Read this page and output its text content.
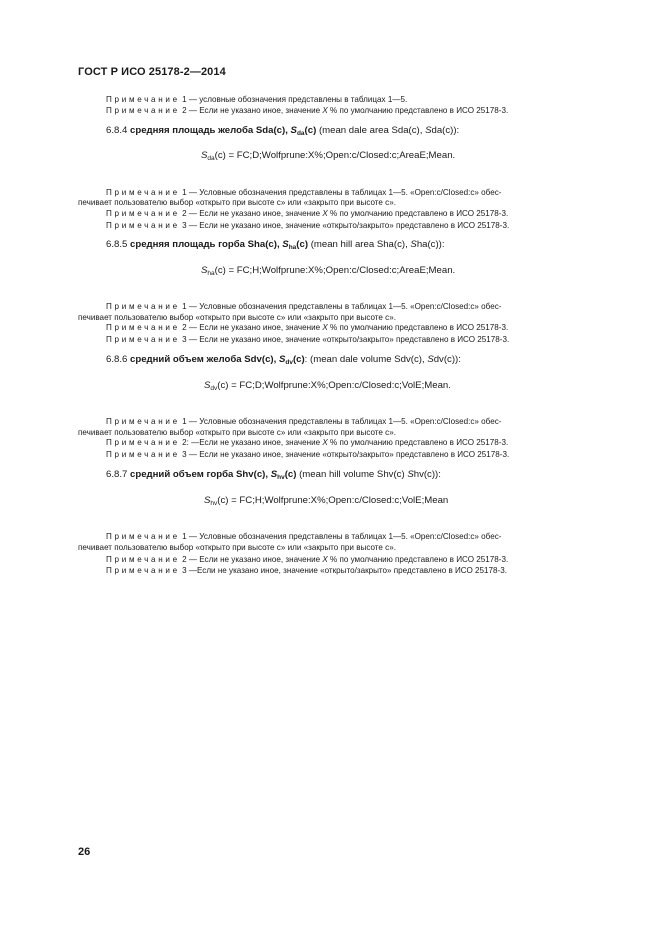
ГОСТ Р ИСО 25178-2—2014
Примечание 1 — условные обозначения представлены в таблицах 1—5.
Примечание 2 — Если не указано иное, значение X % по умолчанию представлено в ИСО 25178-3.
6.8.4 средняя площадь желоба Sda(c), $S_{da}(c)$ (mean dale area Sda(c), Sda(c)):
$S_{da}(c)$ = FC;D;Wolfprune:X%;Open:c/Closed:c;AreaE;Mean.
Примечание 1 — Условные обозначения представлены в таблицах 1—5. «Open:c/Closed:c» обес-
печивает пользователю выбор «открыто при высоте c» или «закрыто при высоте c».
Примечание 2 — Если не указано иное, значение X % по умолчанию представлено в ИСО 25178-3.
Примечание 3 — Если не указано иное, значение «открыто/закрыто» представлено в ИСО 25178-3.
6.8.5 средняя площадь горба Sha(c), $S_{ha}(c)$ (mean hill area Sha(c), Sha(c)):
$S_{ha}(c)$ = FC;H;Wolfprune:X%;Open:c/Closed:c;AreaE;Mean.
Примечание 1 — Условные обозначения представлены в таблицах 1—5. «Open:c/Closed:c» обес-
печивает пользователю выбор «открыто при высоте c» или «закрыто при высоте c».
Примечание 2 — Если не указано иное, значение X % по умолчанию представлено в ИСО 25178-3.
Примечание 3 — Если не указано иное, значение «открыто/закрыто» представлено в ИСО 25178-3.
6.8.6 средний объем желоба Sdv(c), $S_{dv}(c)$: (mean dale volume Sdv(c), Sdv(c)):
$S_{dv}(c)$ = FC;D;Wolfprune:X%;Open:c/Closed:c;VolE;Mean.
Примечание 1 — Условные обозначения представлены в таблицах 1—5. «Open:c/Closed:c» обес-
печивает пользователю выбор «открыто при высоте c» или «закрыто при высоте c».
Примечание 2: —Если не указано иное, значение X % по умолчанию представлено в ИСО 25178-3.
Примечание 3 — Если не указано иное, значение «открыто/закрыто» представлено в ИСО 25178-3.
6.8.7 средний объем горба Shv(c), $S_{hv}(c)$ (mean hill volume Shv(c) Shv(c)):
$S_{hv}(c)$ = FC;H;Wolfprune:X%;Open:c/Closed:c;VolE;Mean
Примечание 1 — Условные обозначения представлены в таблицах 1—5. «Open:c/Closed:c» обес-
печивает пользователю выбор «открыто при высоте c» или «закрыто при высоте c».
Примечание 2 — Если не указано иное, значение X % по умолчанию представлено в ИСО 25178-3.
Примечание 3 —Если не указано иное, значение «открыто/закрыто» представлено в ИСО 25178-3.
26
